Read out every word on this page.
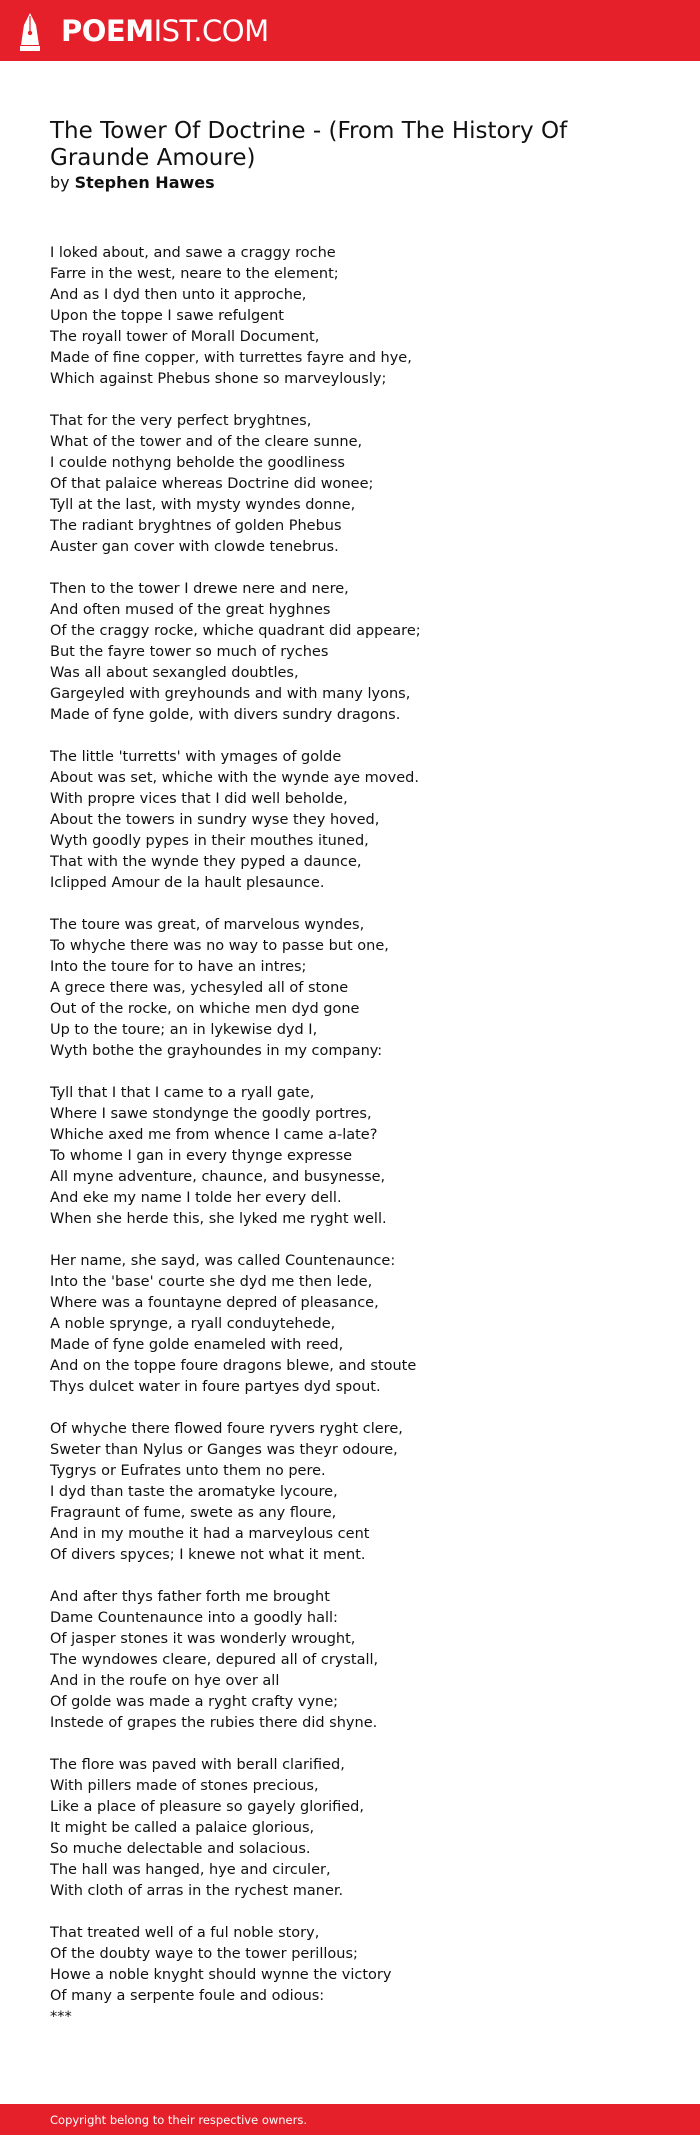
POEMIST.COM
The Tower Of Doctrine - (From The History Of Graunde Amoure)
by Stephen Hawes
I loked about, and sawe a craggy roche
Farre in the west, neare to the element;
And as I dyd then unto it approche,
Upon the toppe I sawe refulgent
The royall tower of Morall Document,
Made of fine copper, with turrettes fayre and hye,
Which against Phebus shone so marveylously;
That for the very perfect bryghtnes,
What of the tower and of the cleare sunne,
I coulde nothyng beholde the goodliness
Of that palaice whereas Doctrine did wonee;
Tyll at the last, with mysty wyndes donne,
The radiant bryghtnes of golden Phebus
Auster gan cover with clowde tenebrus.
Then to the tower I drewe nere and nere,
And often mused of the great hyghnes
Of the craggy rocke, whiche quadrant did appeare;
But the fayre tower so much of ryches
Was all about sexangled doubtles,
Gargeyled with greyhounds and with many lyons,
Made of fyne golde, with divers sundry dragons.
The little 'turretts' with ymages of golde
About was set, whiche with the wynde aye moved.
With propre vices that I did well beholde,
About the towers in sundry wyse they hoved,
Wyth goodly pypes in their mouthes ituned,
That with the wynde they pyped a daunce,
Iclipped Amour de la hault plesaunce.
The toure was great, of marvelous wyndes,
To whyche there was no way to passe but one,
Into the toure for to have an intres;
A grece there was, ychesyled all of stone
Out of the rocke, on whiche men dyd gone
Up to the toure; an in lykewise dyd I,
Wyth bothe the grayhoundes in my company:
Tyll that I that I came to a ryall gate,
Where I sawe stondynge the goodly portres,
Whiche axed me from whence I came a-late?
To whome I gan in every thynge expresse
All myne adventure, chaunce, and busynesse,
And eke my name I tolde her every dell.
When she herde this, she lyked me ryght well.
Her name, she sayd, was called Countenaunce:
Into the 'base' courte she dyd me then lede,
Where was a fountayne depred of pleasance,
A noble sprynge, a ryall conduytehede,
Made of fyne golde enameled with reed,
And on the toppe foure dragons blewe, and stoute
Thys dulcet water in foure partyes dyd spout.
Of whyche there flowed foure ryvers ryght clere,
Sweter than Nylus or Ganges was theyr odoure,
Tygrys or Eufrates unto them no pere.
I dyd than taste the aromatyke lycoure,
Fragraunt of fume, swete as any floure,
And in my mouthe it had a marveylous cent
Of divers spyces; I knewe not what it ment.
And after thys father forth me brought
Dame Countenaunce into a goodly hall:
Of jasper stones it was wonderly wrought,
The wyndowes cleare, depured all of crystall,
And in the roufe on hye over all
Of golde was made a ryght crafty vyne;
Instede of grapes the rubies there did shyne.
The flore was paved with berall clarified,
With pillers made of stones precious,
Like a place of pleasure so gayely glorified,
It might be called a palaice glorious,
So muche delectable and solacious.
The hall was hanged, hye and circuler,
With cloth of arras in the rychest maner.
That treated well of a ful noble story,
Of the doubty waye to the tower perillous;
Howe a noble knyght should wynne the victory
Of many a serpente foule and odious:
***
Copyright belong to their respective owners.
